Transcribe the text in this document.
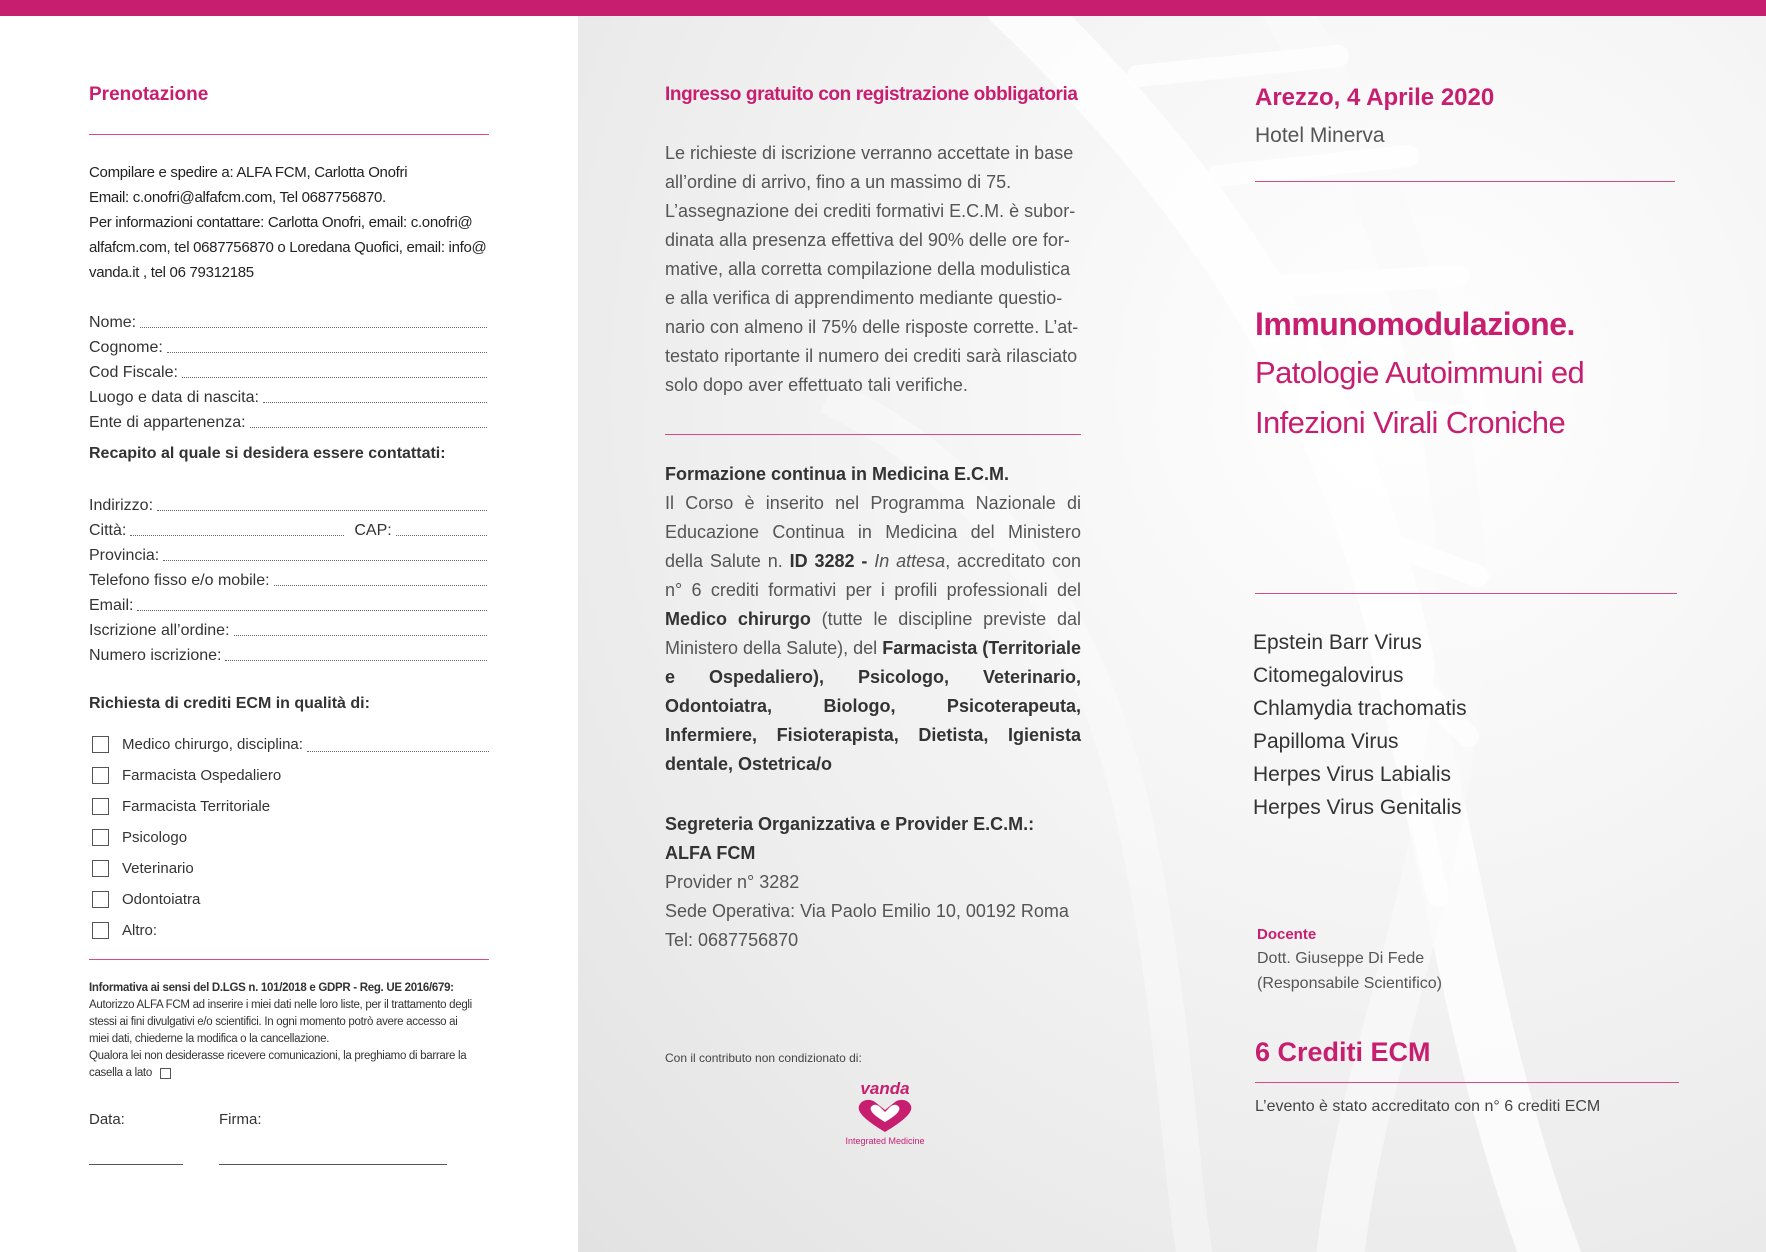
Prenotazione
Compilare e spedire a: ALFA FCM, Carlotta Onofri
Email: c.onofri@alfafcm.com, Tel 0687756870.
Per informazioni contattare: Carlotta Onofri, email: c.onofri@
alfafcm.com, tel 0687756870 o Loredana Quofici, email: info@
vanda.it , tel 06 79312185
Nome:
Cognome:
Cod Fiscale:
Luogo e data di nascita:
Ente di appartenenza:
Recapito al quale si desidera essere contattati:
Indirizzo:
Città:	CAP:
Provincia:
Telefono fisso e/o mobile:
Email:
Iscrizione all’ordine:
Numero iscrizione:
Richiesta di crediti ECM in qualità di:
Medico chirurgo, disciplina:
Farmacista Ospedaliero
Farmacista Territoriale
Psicologo
Veterinario
Odontoiatra
Altro:
Informativa ai sensi del D.LGS n. 101/2018 e GDPR - Reg. UE 2016/679:
Autorizzo ALFA FCM ad inserire i miei dati nelle loro liste, per il trattamento degli
stessi ai fini divulgativi e/o scientifici. In ogni momento potrò avere accesso ai
miei dati, chiederne la modifica o la cancellazione.
Qualora lei non desiderasse ricevere comunicazioni, la preghiamo di barrare la
casella a lato
Data:	Firma:
Ingresso gratuito con registrazione obbligatoria
Le richieste di iscrizione verranno accettate in base
all’ordine di arrivo, fino a un massimo di 75.
L’assegnazione dei crediti formativi E.C.M. è subor-
dinata alla presenza effettiva del 90% delle ore for-
mative, alla corretta compilazione della modulistica
e alla verifica di apprendimento mediante questio-
nario con almeno il 75% delle risposte corrette. L’at-
testato riportante il numero dei crediti sarà rilasciato
solo dopo aver effettuato tali verifiche.
Formazione continua in Medicina E.C.M.
Il Corso è inserito nel Programma Nazionale di Educazione Continua in Medicina del Ministero della Salute n. ID 3282 - In attesa, accreditato con n° 6 crediti formativi per i profili professionali del Medico chirurgo (tutte le discipline previste dal Ministero della Salute), del Farmacista (Territoriale e Ospedaliero), Psicologo, Veterinario, Odontoiatra, Biologo, Psicoterapeuta, Infermiere, Fisioterapista, Dietista, Igienista dentale, Ostetrica/o
Segreteria Organizzativa e Provider E.C.M.:
ALFA FCM
Provider n° 3282
Sede Operativa: Via Paolo Emilio 10, 00192 Roma
Tel: 0687756870
Con il contributo non condizionato di:
vanda
Integrated Medicine
Arezzo, 4 Aprile 2020
Hotel Minerva
Immunomodulazione.
Patologie Autoimmuni ed
Infezioni Virali Croniche
Epstein Barr Virus
Citomegalovirus
Chlamydia trachomatis
Papilloma Virus
Herpes Virus Labialis
Herpes Virus Genitalis
Docente
Dott. Giuseppe Di Fede
(Responsabile Scientifico)
6 Crediti ECM
L’evento è stato accreditato con n° 6 crediti ECM
